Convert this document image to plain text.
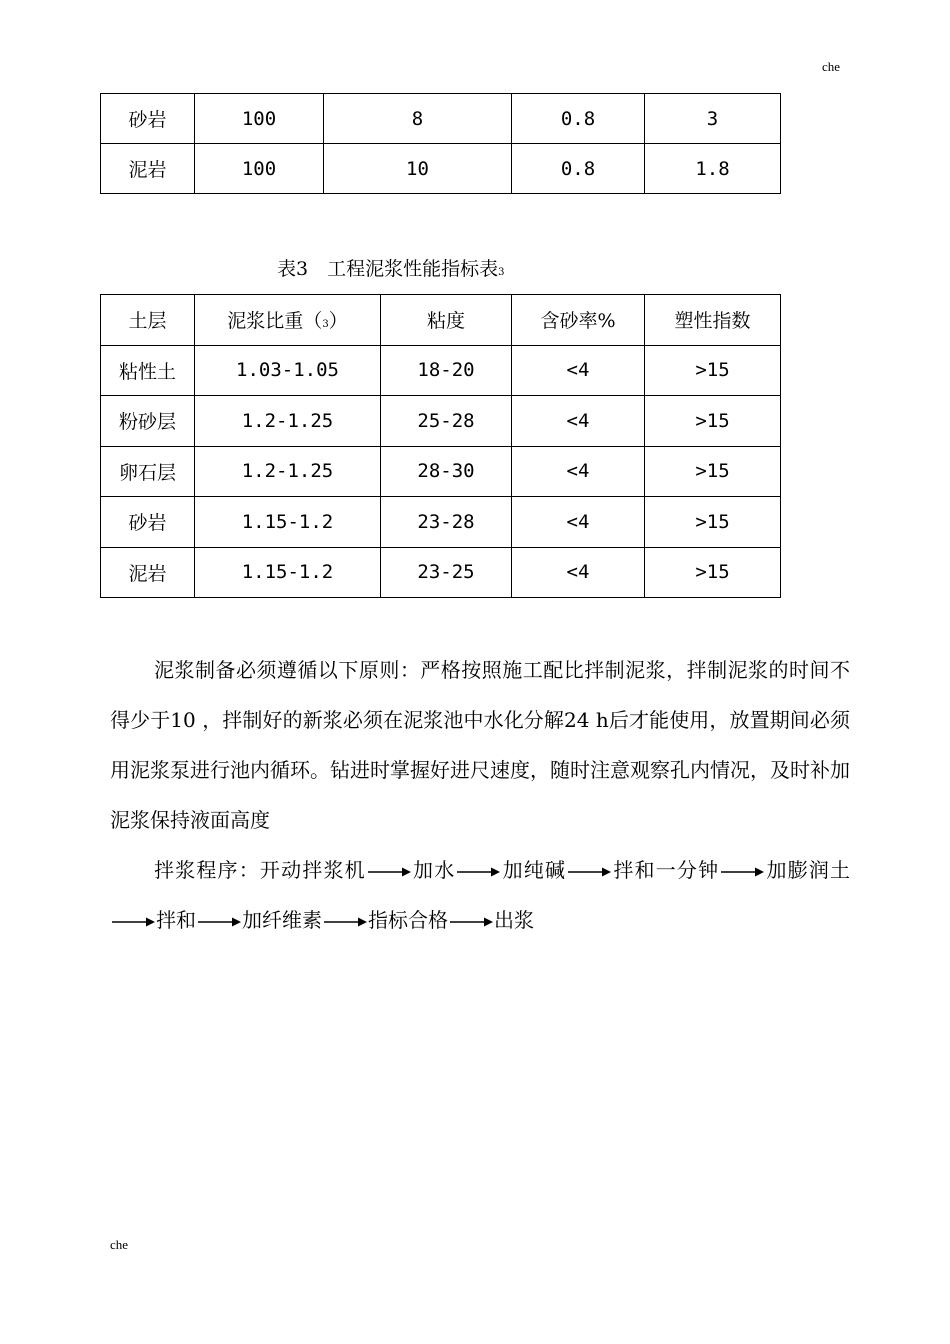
che
砂岩	100	8	0.8	3
泥岩	100	10	0.8	1.8
表3　工程泥浆性能指标表3
土层	泥浆比重（3）	粘度	含砂率%	塑性指数
粘性土	1.03-1.05	18-20	<4	>15
粉砂层	1.2-1.25	25-28	<4	>15
卵石层	1.2-1.25	28-30	<4	>15
砂岩	1.15-1.2	23-28	<4	>15
泥岩	1.15-1.2	23-25	<4	>15

泥浆制备必须遵循以下原则：严格按照施工配比拌制泥浆，拌制泥浆的时间不得少于10 ，拌制好的新浆必须在泥浆池中水化分解24 h后才能使用，放置期间必须用泥浆泵进行池内循环。钻进时掌握好进尺速度，随时注意观察孔内情况，及时补加泥浆保持液面高度

拌浆程序：开动拌浆机 加水 加纯碱 拌和一分钟 加膨润土
拌和 加纤维素 指标合格 出浆

che
